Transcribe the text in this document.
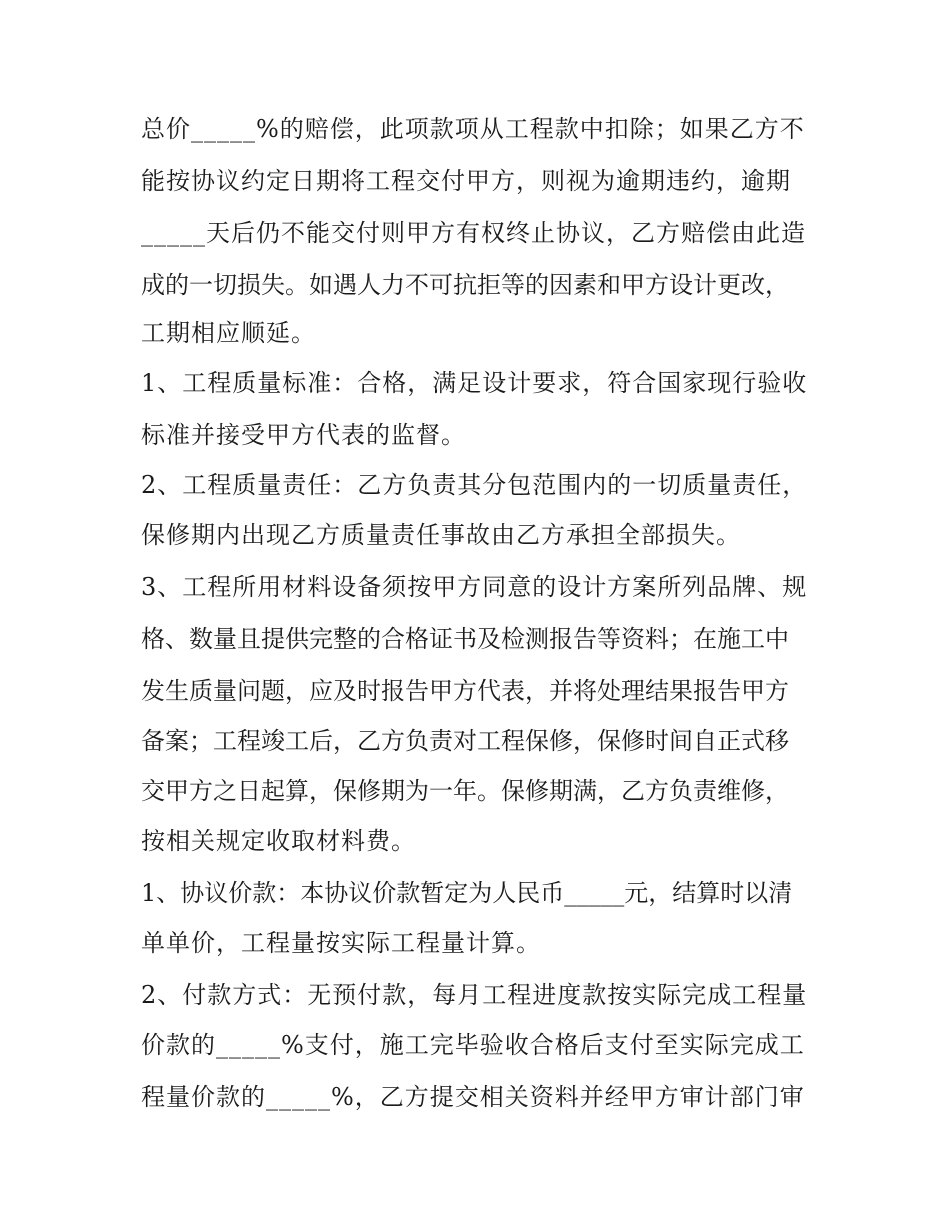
总价_____%的赔偿，此项款项从工程款中扣除；如果乙方不
能按协议约定日期将工程交付甲方，则视为逾期违约，逾期
_____天后仍不能交付则甲方有权终止协议，乙方赔偿由此造
成的一切损失。如遇人力不可抗拒等的因素和甲方设计更改，
工期相应顺延。
1、工程质量标准：合格，满足设计要求，符合国家现行验收
标准并接受甲方代表的监督。
2、工程质量责任：乙方负责其分包范围内的一切质量责任，
保修期内出现乙方质量责任事故由乙方承担全部损失。
3、工程所用材料设备须按甲方同意的设计方案所列品牌、规
格、数量且提供完整的合格证书及检测报告等资料；在施工中
发生质量问题，应及时报告甲方代表，并将处理结果报告甲方
备案；工程竣工后，乙方负责对工程保修，保修时间自正式移
交甲方之日起算，保修期为一年。保修期满，乙方负责维修，
按相关规定收取材料费。
1、协议价款：本协议价款暂定为人民币_____元，结算时以清
单单价，工程量按实际工程量计算。
2、付款方式：无预付款，每月工程进度款按实际完成工程量
价款的_____%支付，施工完毕验收合格后支付至实际完成工
程量价款的_____%，乙方提交相关资料并经甲方审计部门审
